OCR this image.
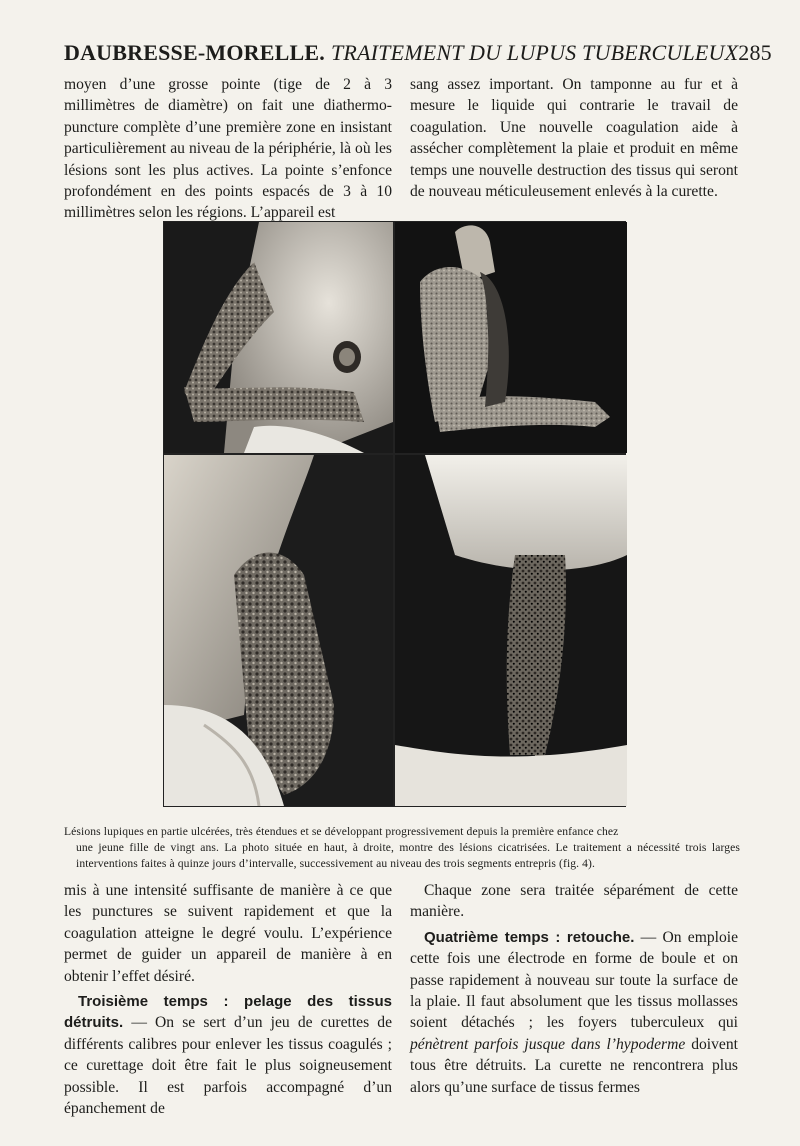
DAUBRESSE-MORELLE. TRAITEMENT DU LUPUS TUBERCULEUX 285

moyen d’une grosse pointe (tige de 2 à 3 millimètres de diamètre) on fait une diathermo-puncture complète d’une première zone en insistant particulièrement au niveau de la périphérie, là où les lésions sont les plus actives. La pointe s’enfonce profondément en des points espacés de 3 à 10 millimètres selon les régions. L’appareil est

sang assez important. On tamponne au fur et à mesure le liquide qui contrarie le travail de coagulation. Une nouvelle coagulation aide à assécher complètement la plaie et produit en même temps une nouvelle destruction des tissus qui seront de nouveau méticuleusement enlevés à la curette.

Lésions lupiques en partie ulcérées, très étendues et se développant progressivement depuis la première enfance chez
une jeune fille de vingt ans. La photo située en haut, à droite, montre des lésions cicatrisées. Le traitement a nécessité trois larges interventions faites à quinze jours d’intervalle, successivement au niveau des trois segments entrepris (fig. 4).

mis à une intensité suffisante de manière à ce que les punctures se suivent rapidement et que la coagulation atteigne le degré voulu. L’expérience permet de guider un appareil de manière à en obtenir l’effet désiré.

Troisième temps : pelage des tissus détruits. — On se sert d’un jeu de curettes de différents calibres pour enlever les tissus coagulés ; ce curettage doit être fait le plus soigneusement possible. Il est parfois accompagné d’un épanchement de

Chaque zone sera traitée séparément de cette manière.

Quatrième temps : retouche. — On emploie cette fois une électrode en forme de boule et on passe rapidement à nouveau sur toute la surface de la plaie. Il faut absolument que les tissus mollasses soient détachés ; les foyers tuberculeux qui pénètrent parfois jusque dans l’hypoderme doivent tous être détruits. La curette ne rencontrera plus alors qu’une surface de tissus fermes
